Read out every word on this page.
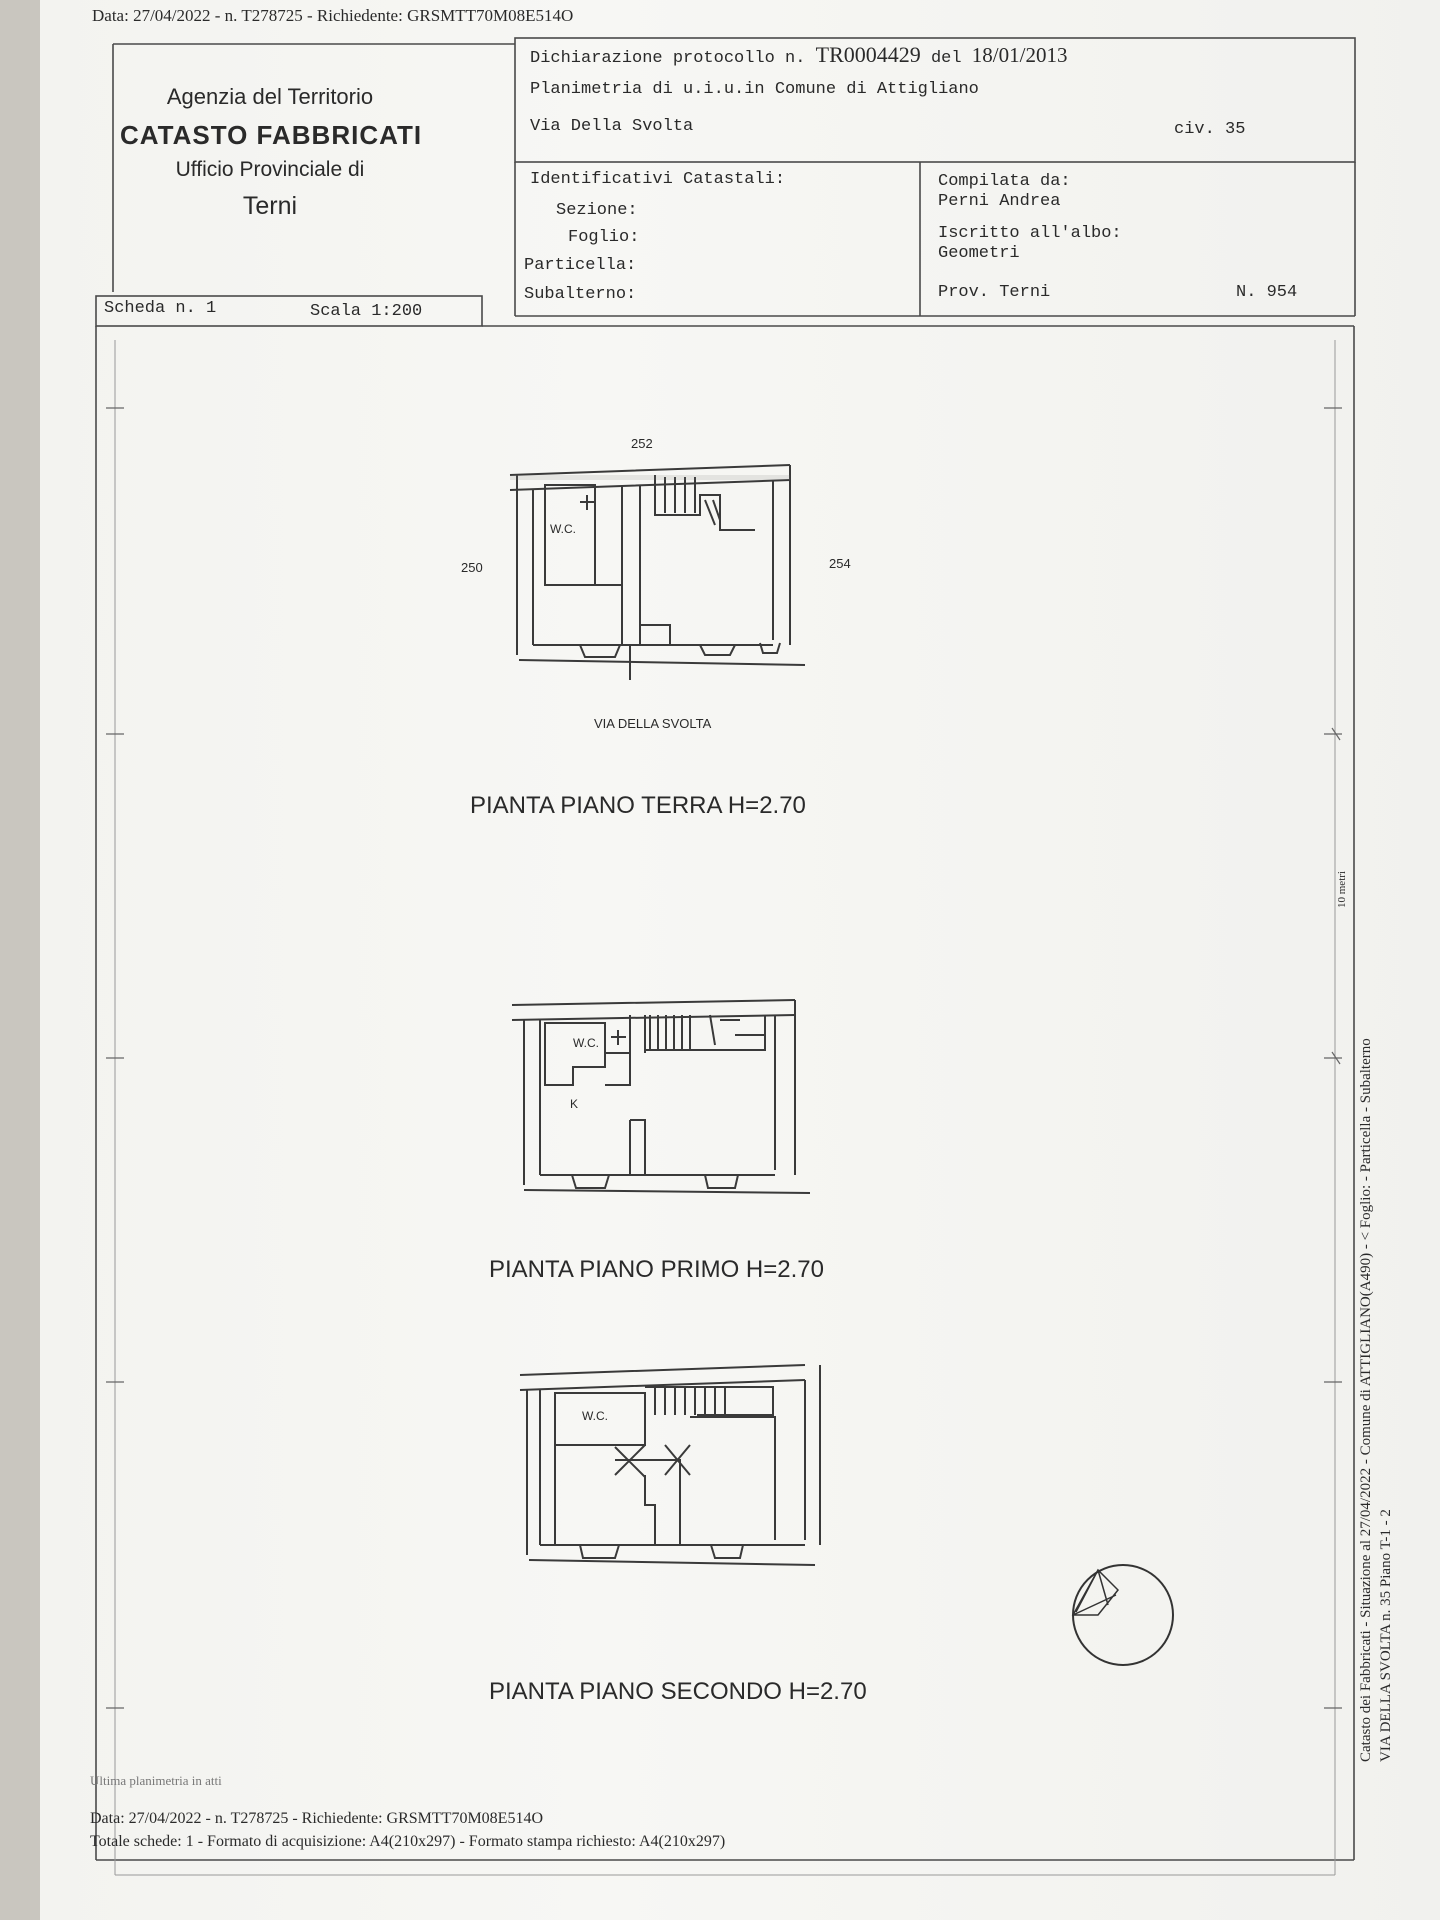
Data: 27/04/2022 - n. T278725 - Richiedente: GRSMTT70M08E514O
Agenzia del Territorio
CATASTO FABBRICATI
Ufficio Provinciale di
Terni
Dichiarazione protocollo n. TR0004429 del 18/01/2013
Planimetria di u.i.u.in Comune di Attigliano
Via Della Svolta	civ. 35
Identificativi Catastali:
Sezione:
Foglio:
Particella:
Subalterno:
Compilata da:
Perni Andrea
Iscritto all'albo:
Geometri
Prov. Terni	N. 954
Scheda n. 1	Scala 1:200
W.C.
252
250	254
VIA DELLA SVOLTA
PIANTA PIANO TERRA H=2.70
W.C.
K
PIANTA PIANO PRIMO H=2.70
W.C.
PIANTA PIANO SECONDO H=2.70	Catasto dei Fabbricati - Situazione al 27/04/2022 - Comune di ATTIGLIANO(A490) - < Foglio: - Particella - Subalterno VIA DELLA SVOLTA n. 35 Piano T-1 - 2
10 metri
Ultima planimetria in atti
Data: 27/04/2022 - n. T278725 - Richiedente: GRSMTT70M08E514O
Totale schede: 1 - Formato di acquisizione: A4(210x297) - Formato stampa richiesto: A4(210x297)
